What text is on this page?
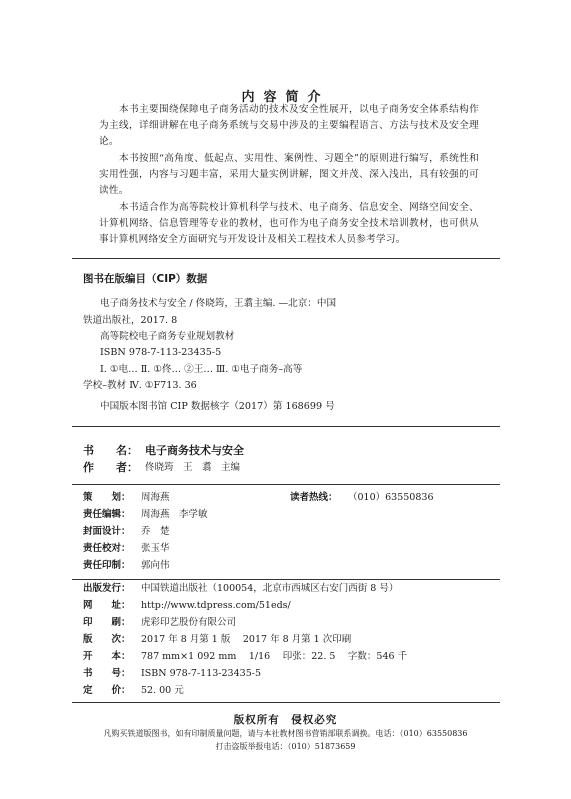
内容简介

本书主要围绕保障电子商务活动的技术及安全性展开，以电子商务安全体系结构作为主线，详细讲解在电子商务系统与交易中涉及的主要编程语言、方法与技术及安全理论。

本书按照“高角度、低起点、实用性、案例性、习题全”的原则进行编写，系统性和实用性强，内容与习题丰富，采用大量实例讲解，图文并茂、深入浅出，具有较强的可读性。

本书适合作为高等院校计算机科学与技术、电子商务、信息安全、网络空间安全、计算机网络、信息管理等专业的教材，也可作为电子商务安全技术培训教材，也可供从事计算机网络安全方面研究与开发设计及相关工程技术人员参考学习。

图书在版编目（CIP）数据
电子商务技术与安全 / 佟晓筠，王翥主编. —北京：中国
铁道出版社，2017. 8
高等院校电子商务专业规划教材
ISBN 978-7-113-23435-5
Ⅰ. ①电… Ⅱ. ①佟… ②王… Ⅲ. ①电子商务–高等
学校–教材 Ⅳ. ①F713. 36
中国版本图书馆 CIP 数据核字（2017）第 168699 号
书　　名： 电子商务技术与安全
作　　者： 佟晓筠　王　翥　主编
策　　划： 周海燕	读者热线： （010）63550836
责任编辑： 周海燕　李学敏
封面设计： 乔　楚
责任校对： 张玉华
责任印制： 郭向伟
出版发行： 中国铁道出版社（100054，北京市西城区右安门西街 8 号）
网　　址： http://www.tdpress.com/51eds/
印　　刷： 虎彩印艺股份有限公司
版　　次： 2017 年 8 月第 1 版　 2017 年 8 月第 1 次印刷
开　　本： 787 mm×1 092 mm　 1/16　 印张：22. 5　 字数：546 千
书　　号： ISBN 978-7-113-23435-5
定　　价： 52. 00 元
版权所有　侵权必究
凡购买铁道版图书，如有印制质量问题，请与本社教材图书营销部联系调换。电话：（010）63550836
打击盗版举报电话：（010）51873659
